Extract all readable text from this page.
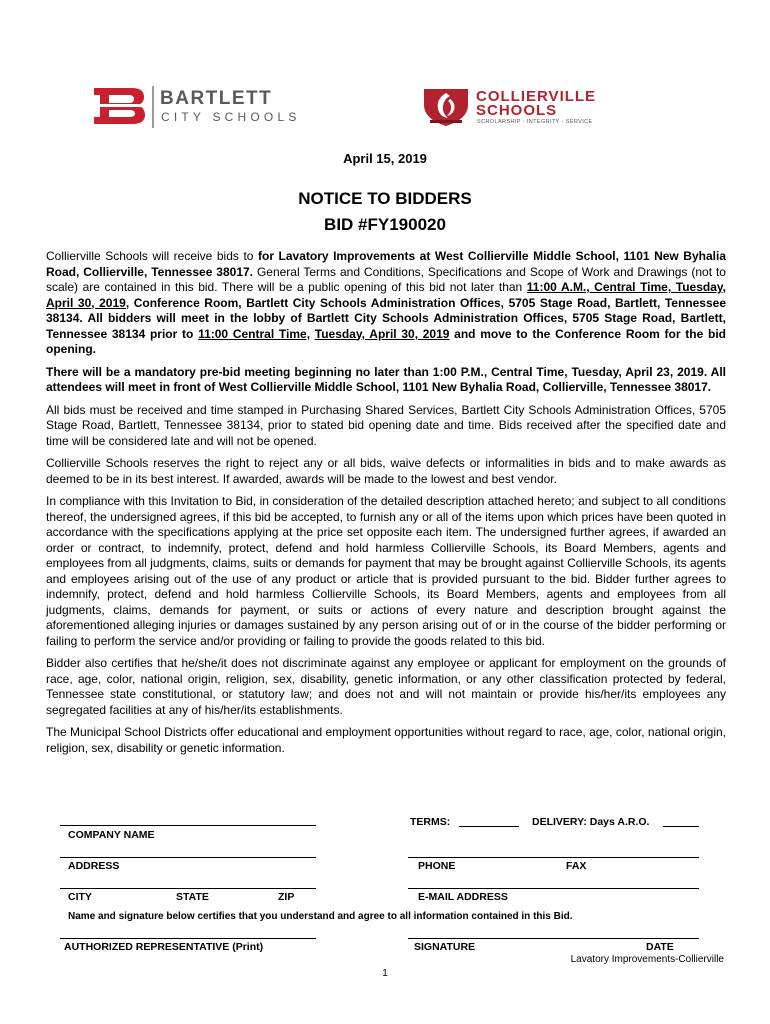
BARTLETT
CITY SCHOOLS
COLLIERVILLE
SCHOOLS
SCHOLARSHIP · INTEGRITY · SERVICE
April 15, 2019
NOTICE TO BIDDERS
BID #FY190020

Collierville Schools will receive bids to for Lavatory Improvements at West Collierville Middle School, 1101 New Byhalia Road, Collierville, Tennessee 38017. General Terms and Conditions, Specifications and Scope of Work and Drawings (not to scale) are contained in this bid. There will be a public opening of this bid not later than 11:00 A.M., Central Time, Tuesday, April 30, 2019, Conference Room, Bartlett City Schools Administration Offices, 5705 Stage Road, Bartlett, Tennessee 38134. All bidders will meet in the lobby of Bartlett City Schools Administration Offices, 5705 Stage Road, Bartlett, Tennessee 38134 prior to 11:00 Central Time, Tuesday, April 30, 2019 and move to the Conference Room for the bid opening.

There will be a mandatory pre-bid meeting beginning no later than 1:00 P.M., Central Time, Tuesday, April 23, 2019. All attendees will meet in front of West Collierville Middle School, 1101 New Byhalia Road, Collierville, Tennessee 38017.

All bids must be received and time stamped in Purchasing Shared Services, Bartlett City Schools Administration Offices, 5705 Stage Road, Bartlett, Tennessee 38134, prior to stated bid opening date and time. Bids received after the specified date and time will be considered late and will not be opened.

Collierville Schools reserves the right to reject any or all bids, waive defects or informalities in bids and to make awards as deemed to be in its best interest. If awarded, awards will be made to the lowest and best vendor.

In compliance with this Invitation to Bid, in consideration of the detailed description attached hereto; and subject to all conditions thereof, the undersigned agrees, if this bid be accepted, to furnish any or all of the items upon which prices have been quoted in accordance with the specifications applying at the price set opposite each item. The undersigned further agrees, if awarded an order or contract, to indemnify, protect, defend and hold harmless Collierville Schools, its Board Members, agents and employees from all judgments, claims, suits or demands for payment that may be brought against Collierville Schools, its agents and employees arising out of the use of any product or article that is provided pursuant to the bid. Bidder further agrees to indemnify, protect, defend and hold harmless Collierville Schools, its Board Members, agents and employees from all judgments, claims, demands for payment, or suits or actions of every nature and description brought against the aforementioned alleging injuries or damages sustained by any person arising out of or in the course of the bidder performing or failing to perform the service and/or providing or failing to provide the goods related to this bid.

Bidder also certifies that he/she/it does not discriminate against any employee or applicant for employment on the grounds of race, age, color, national origin, religion, sex, disability, genetic information, or any other classification protected by federal, Tennessee state constitutional, or statutory law; and does not and will not maintain or provide his/her/its employees any segregated facilities at any of his/her/its establishments.

The Municipal School Districts offer educational and employment opportunities without regard to race, age, color, national origin, religion, sex, disability or genetic information.

TERMS:	DELIVERY: Days A.R.O.
COMPANY NAME
ADDRESS	PHONE	FAX
CITY	STATE	ZIP	E-MAIL ADDRESS
Name and signature below certifies that you understand and agree to all information contained in this Bid.
AUTHORIZED REPRESENTATIVE (Print)	SIGNATURE	DATE
Lavatory Improvements-Collierville
1
